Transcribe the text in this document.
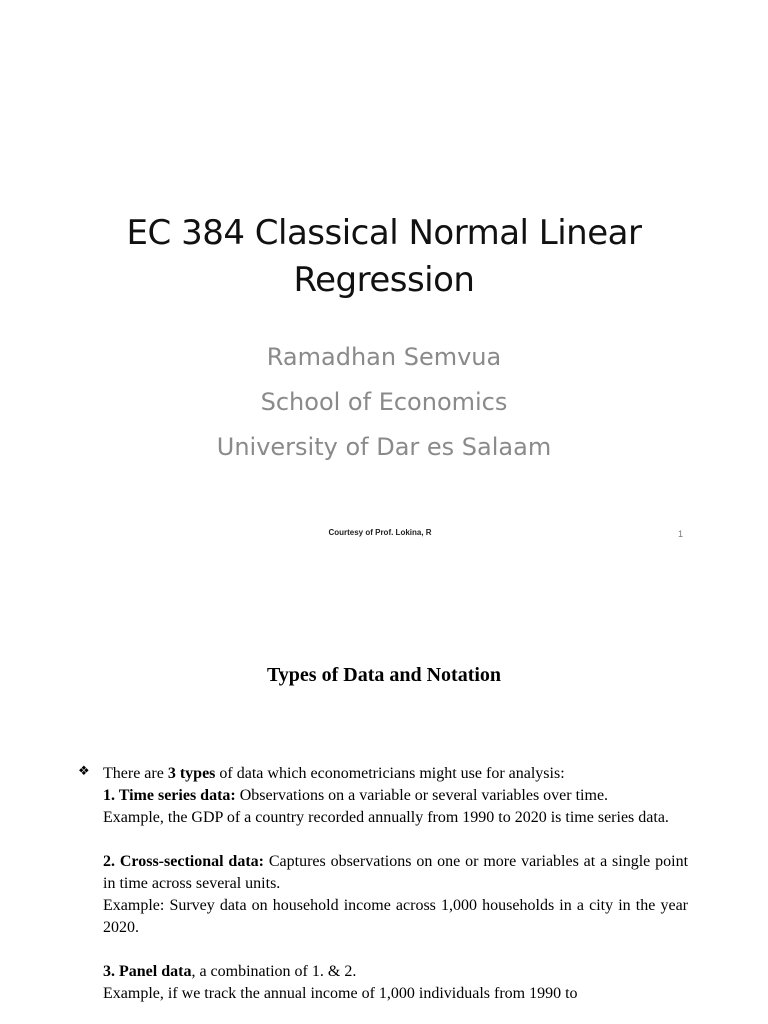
EC 384 Classical Normal Linear
Regression
Ramadhan Semvua
School of Economics
University of Dar es Salaam
Courtesy of Prof. Lokina, R	1
Types of Data and Notation
❖ There are 3 types of data which econometricians might use for analysis:

1. Time series data: Observations on a variable or several variables over time.

Example, the GDP of a country recorded annually from 1990 to 2020 is time series data.

2. Cross-sectional data: Captures observations on one or more variables at a single point in time across several units.

Example: Survey data on household income across 1,000 households in a city in the year 2020.

3. Panel data, a combination of 1. & 2.

Example, if we track the annual income of 1,000 individuals from 1990 to
